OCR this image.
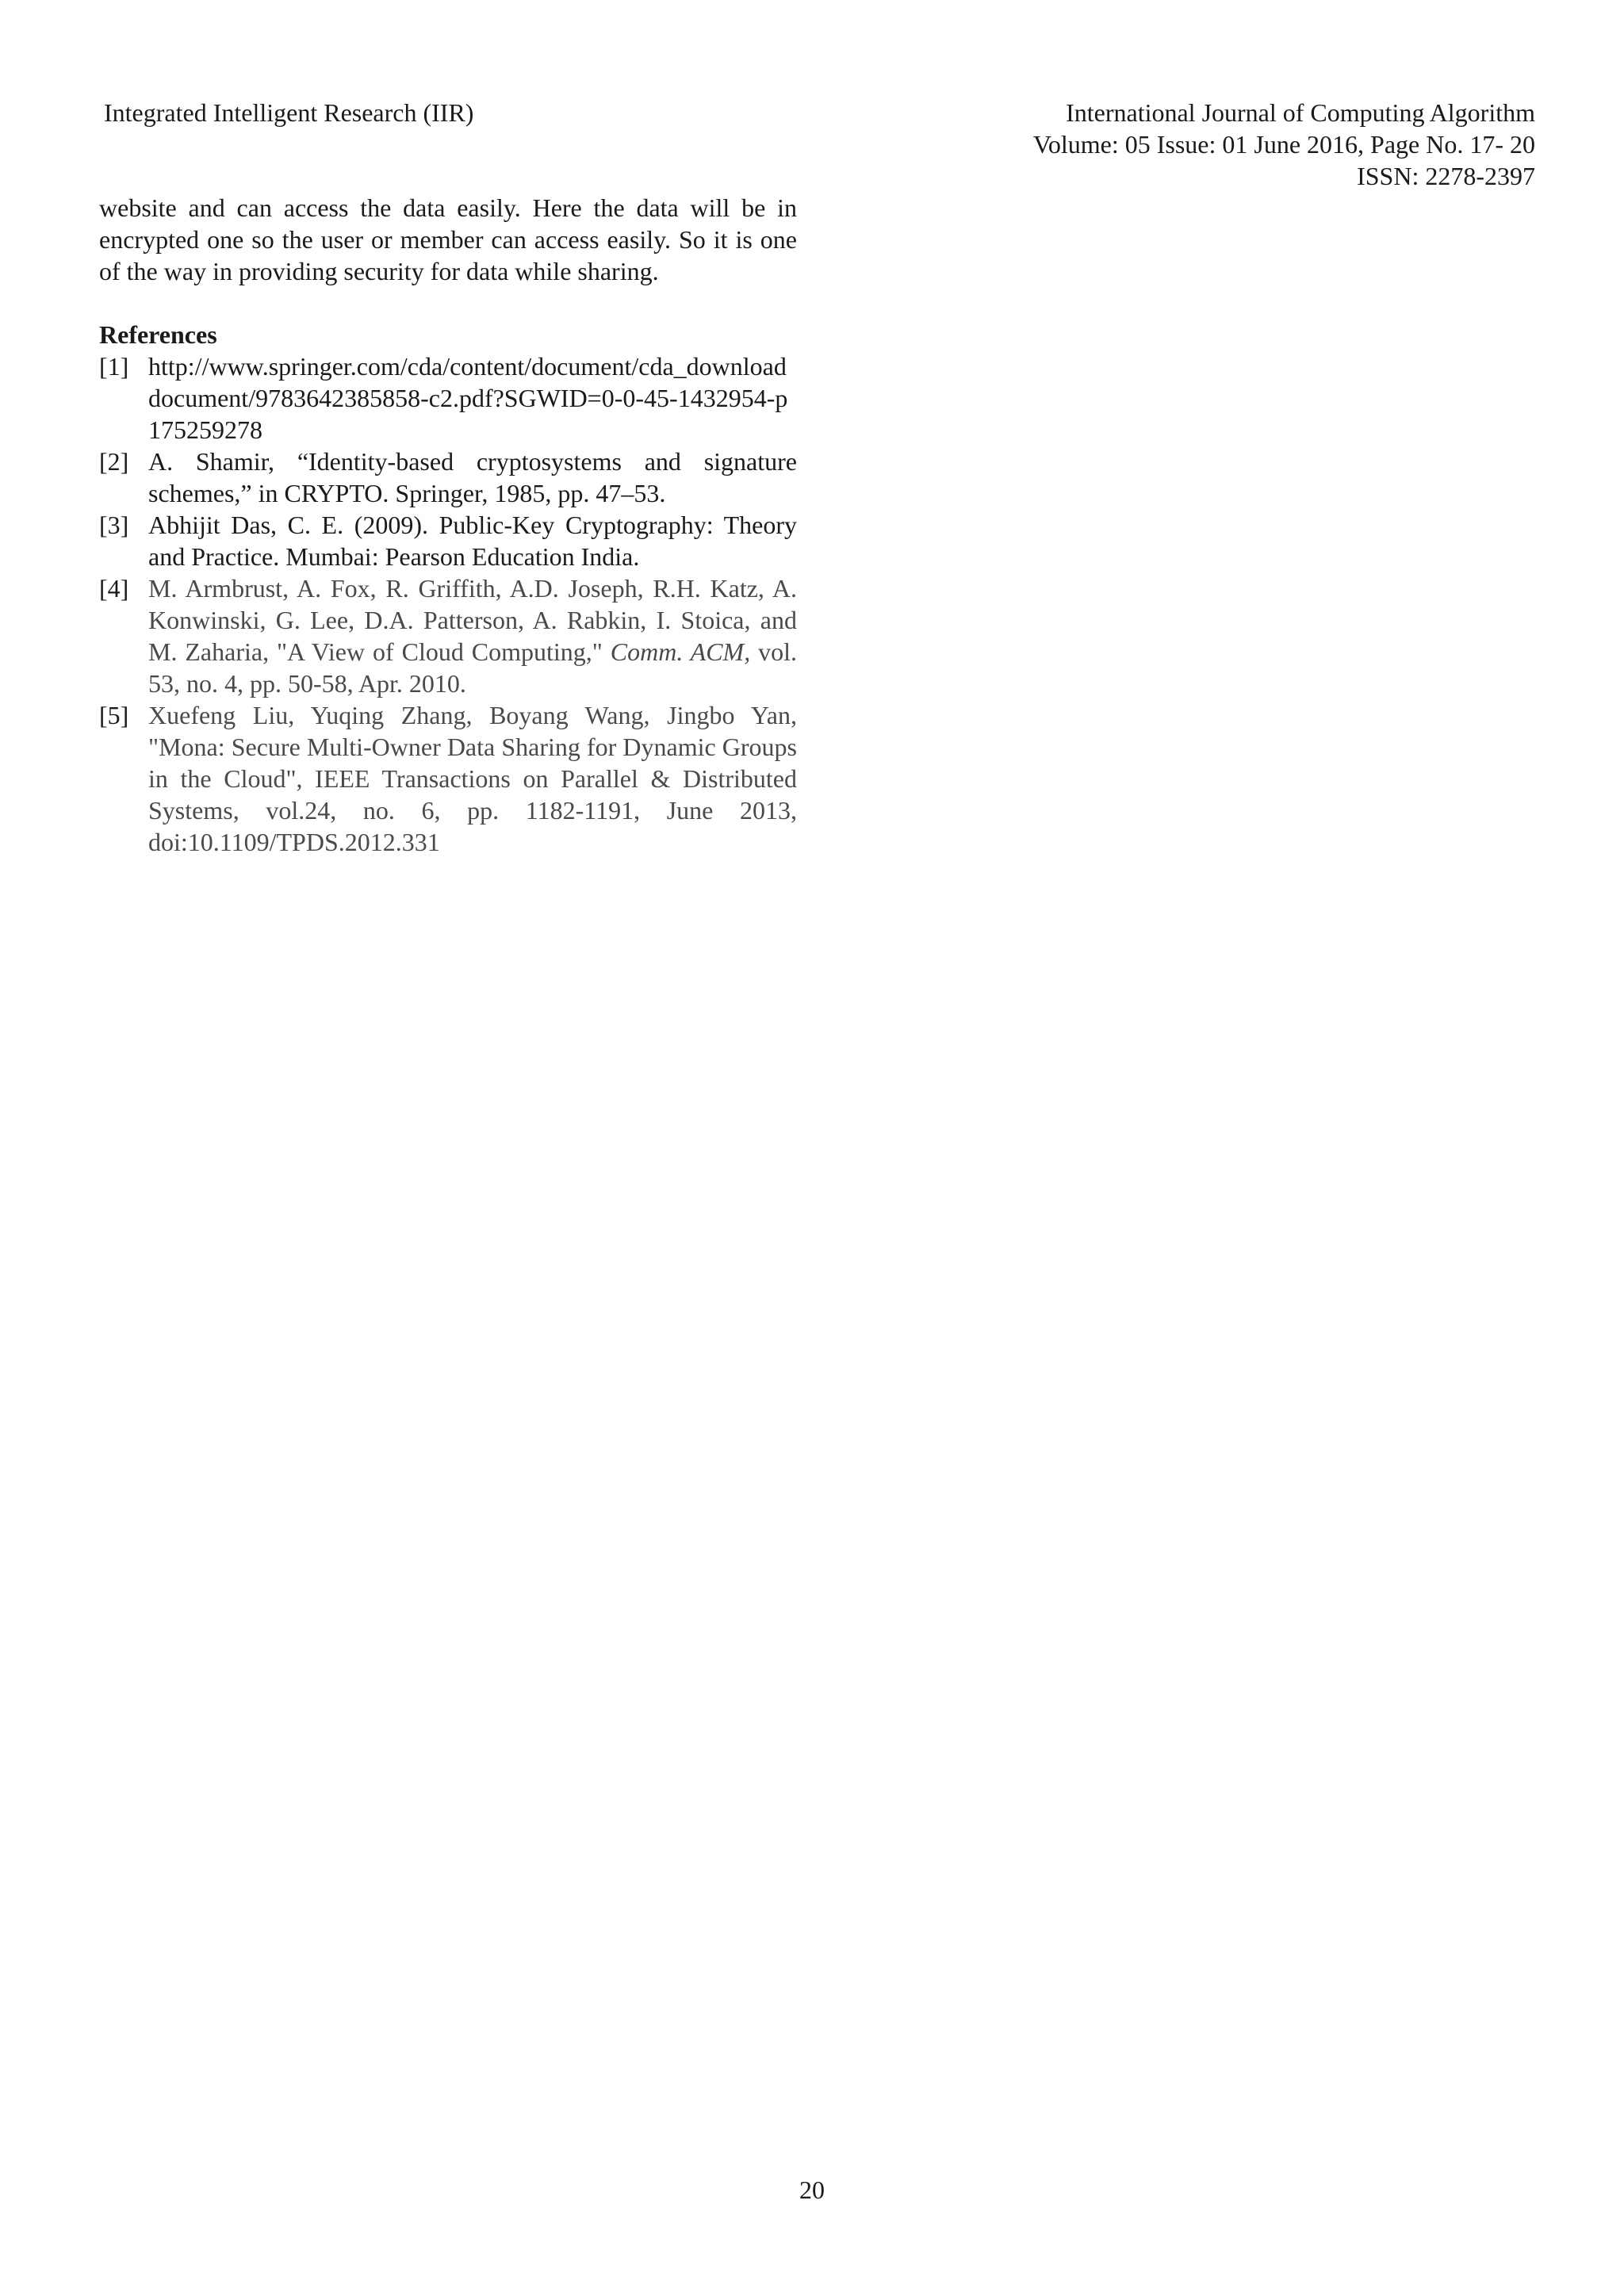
Integrated Intelligent Research (IIR)	International Journal of Computing Algorithm
Volume: 05 Issue: 01 June 2016, Page No. 17- 20
ISSN: 2278-2397

website and can access the data easily. Here the data will be in encrypted one so the user or member can access easily. So it is one of the way in providing security for data while sharing.

References
[1] http://www.springer.com/cda/content/document/cda_downloaddocument/9783642385858-c2.pdf?SGWID=0-0-45-1432954-p175259278
[2] A. Shamir, “Identity-based cryptosystems and signature schemes,” in CRYPTO. Springer, 1985, pp. 47–53.
[3] Abhijit Das, C. E. (2009). Public-Key Cryptography: Theory and Practice. Mumbai: Pearson Education India.
[4] M. Armbrust, A. Fox, R. Griffith, A.D. Joseph, R.H. Katz, A. Konwinski, G. Lee, D.A. Patterson, A. Rabkin, I. Stoica, and M. Zaharia, "A View of Cloud Computing," Comm. ACM, vol. 53, no. 4, pp. 50-58, Apr. 2010.
[5] Xuefeng Liu, Yuqing Zhang, Boyang Wang, Jingbo Yan, "Mona: Secure Multi-Owner Data Sharing for Dynamic Groups in the Cloud", IEEE Transactions on Parallel & Distributed Systems, vol.24, no. 6, pp. 1182-1191, June 2013, doi:10.1109/TPDS.2012.331
20
